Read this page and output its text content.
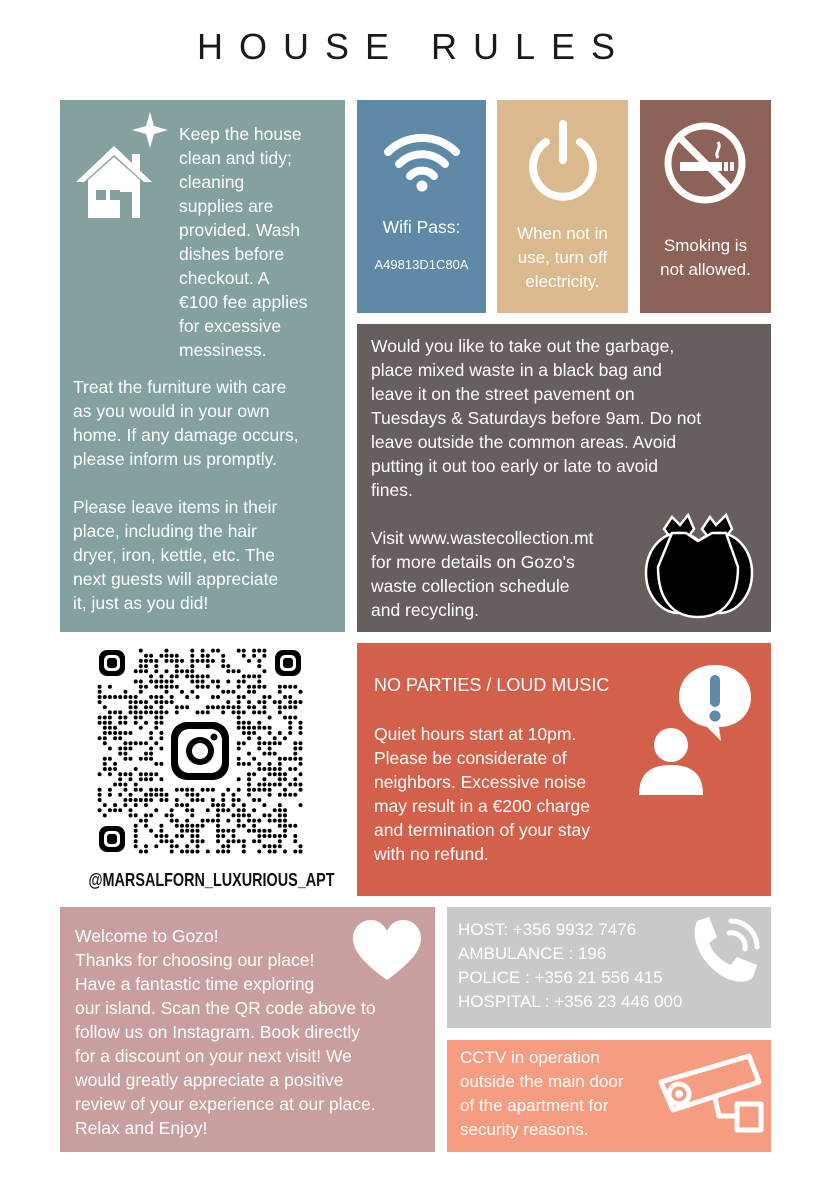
HOUSE RULES

Keep the house

clean and tidy;

cleaning

supplies are

provided. Wash

dishes before

checkout. A

€100 fee applies

for excessive

messiness.

Treat the furniture with care

as you would in your own

home. If any damage occurs,

please inform us promptly.

Please leave items in their

place, including the hair

dryer, iron, kettle, etc. The

next guests will appreciate

it, just as you did!

Wifi Pass:
A49813D1C80A

When not in

use, turn off

electricity.

Smoking is

not allowed.

Would you like to take out the garbage,

place mixed waste in a black bag and

leave it on the street pavement on

Tuesdays & Saturdays before 9am. Do not

leave outside the common areas. Avoid

putting it out too early or late to avoid

fines.

Visit www.wastecollection.mt

for more details on Gozo's

waste collection schedule

and recycling.

@MARSALFORN_LUXURIOUS_APT
NO PARTIES / LOUD MUSIC

Quiet hours start at 10pm.

Please be considerate of

neighbors. Excessive noise

may result in a €200 charge

and termination of your stay

with no refund.

Welcome to Gozo!

Thanks for choosing our place!

Have a fantastic time exploring

our island. Scan the QR code above to

follow us on Instagram. Book directly

for a discount on your next visit! We

would greatly appreciate a positive

review of your experience at our place.

Relax and Enjoy!

HOST: +356 9932 7476

AMBULANCE : 196

POLICE : +356 21 556 415

HOSPITAL : +356 23 446 000

CCTV in operation

outside the main door

of the apartment for

security reasons.
